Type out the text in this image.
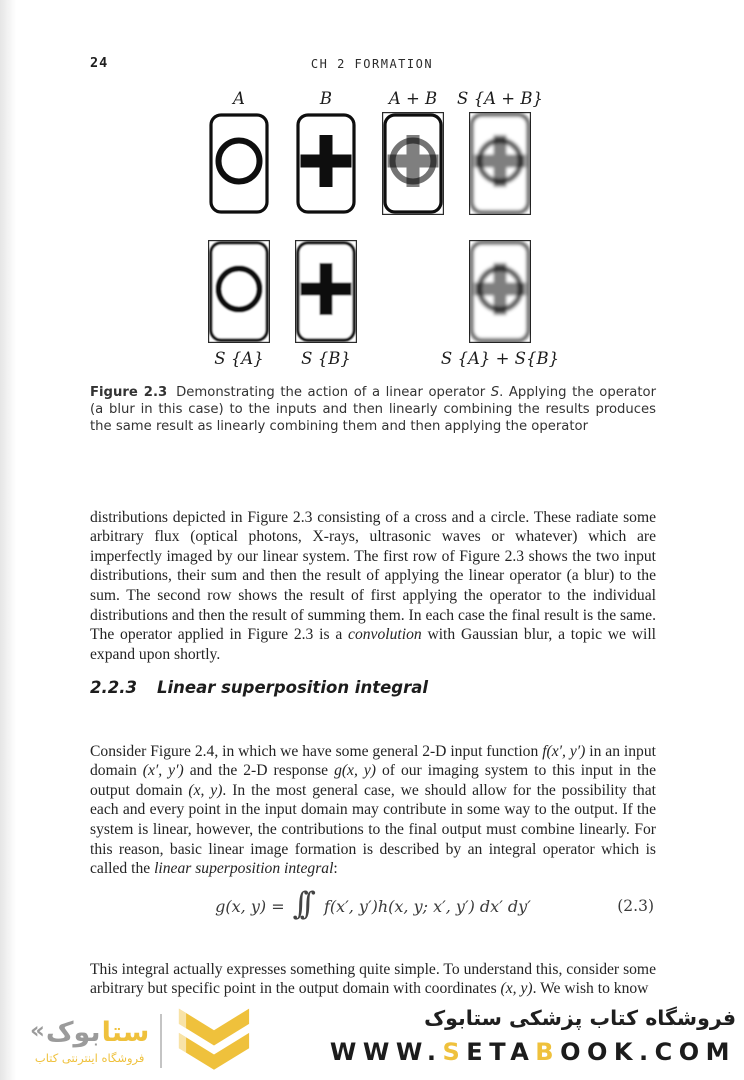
24	CH 2 FORMATION
A	B	A + B S {A + B}
S {A} S {B}	S {A} + S{B}
Figure 2.3 Demonstrating the action of a linear operator S. Applying the operator (a blur in this case) to the inputs and then linearly combining the results produces the same result as linearly combining them and then applying the operator

distributions depicted in Figure 2.3 consisting of a cross and a circle. These radiate some arbitrary flux (optical photons, X-rays, ultrasonic waves or whatever) which are imperfectly imaged by our linear system. The first row of Figure 2.3 shows the two input distributions, their sum and then the result of applying the linear operator (a blur) to the sum. The second row shows the result of first applying the operator to the individual distributions and then the result of summing them. In each case the final result is the same. The operator applied in Figure 2.3 is a convolution with Gaussian blur, a topic we will expand upon shortly.

2.2.3 Linear superposition integral

Consider Figure 2.4, in which we have some general 2-D input function f(x′, y′) in an input domain (x′, y′) and the 2-D response g(x, y) of our imaging system to this input in the output domain (x, y). In the most general case, we should allow for the possibility that each and every point in the input domain may contribute in some way to the output. If the system is linear, however, the contributions to the final output must combine linearly. For this reason, basic linear image formation is described by an integral operator which is called the linear superposition integral:

g(x, y) = ∫∫	f(x′, y′)h(x, y; x′, y′) dx′ dy′	(2.3)

This integral actually expresses something quite simple. To understand this, consider some arbitrary but specific point in the output domain with coordinates (x, y). We wish to know

« بوک ستا
فروشگاه اینترنتی کتاب
فروشگاه کتاب پزشکی ستابوک
WWW.SETABOOK.COM
